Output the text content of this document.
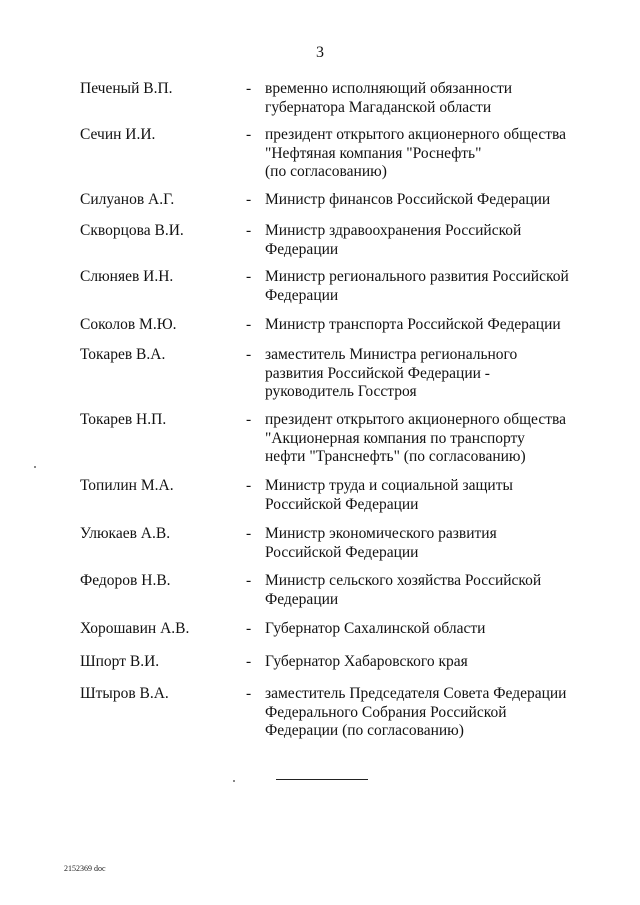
3
Печеный В.П.	- временно исполняющий обязанности
губернатора Магаданской области
Сечин И.И.	- президент открытого акционерного общества
"Нефтяная компания "Роснефть"
(по согласованию)
Силуанов А.Г.	- Министр финансов Российской Федерации
Скворцова В.И.	- Министр здравоохранения Российской
Федерации
Слюняев И.Н.	- Министр регионального развития Российской
Федерации
Соколов М.Ю.	- Министр транспорта Российской Федерации
Токарев В.А.	- заместитель Министра регионального
развития Российской Федерации -
руководитель Госстроя
Токарев Н.П.	- президент открытого акционерного общества
"Акционерная компания по транспорту
нефти "Транснефть" (по согласованию)
Топилин М.А.	- Министр труда и социальной защиты
Российской Федерации
Улюкаев А.В.	- Министр экономического развития
Российской Федерации
Федоров Н.В.	- Министр сельского хозяйства Российской
Федерации
Хорошавин А.В.	- Губернатор Сахалинской области
Шпорт В.И.	- Губернатор Хабаровского края
Штыров В.А.	- заместитель Председателя Совета Федерации
Федерального Собрания Российской
Федерации (по согласованию)
2152369 doc
